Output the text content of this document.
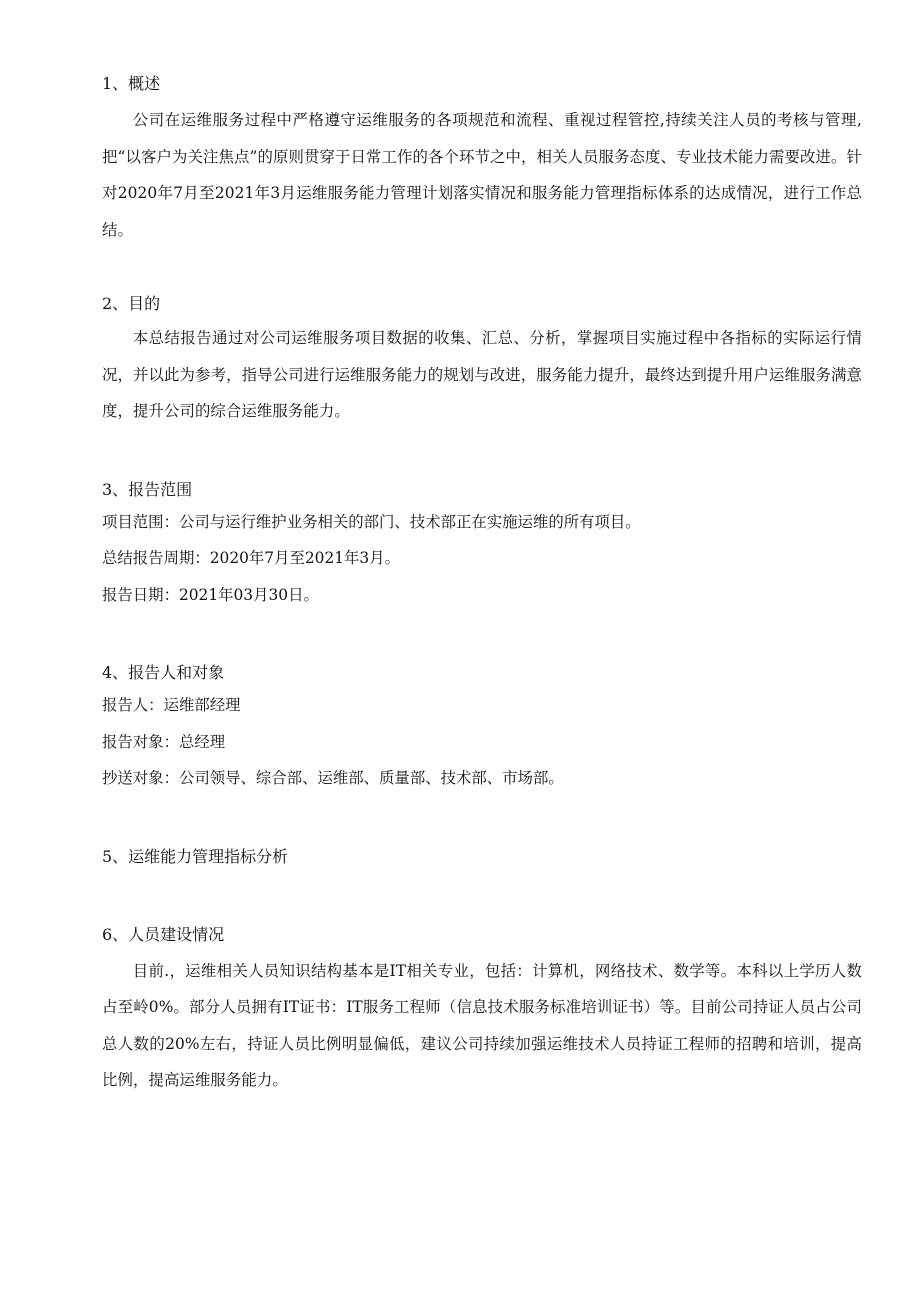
1、概述

公司在运维服务过程中严格遵守运维服务的各项规范和流程、重视过程管控,持续关注人员的考核与管理,把“以客户为关注焦点”的原则贯穿于日常工作的各个环节之中，相关人员服务态度、专业技术能力需要改进。针对2020年7月至2021年3月运维服务能力管理计划落实情况和服务能力管理指标体系的达成情况，进行工作总结。

2、目的

本总结报告通过对公司运维服务项目数据的收集、汇总、分析，掌握项目实施过程中各指标的实际运行情况，并以此为参考，指导公司进行运维服务能力的规划与改进，服务能力提升，最终达到提升用户运维服务满意度，提升公司的综合运维服务能力。

3、报告范围

项目范围：公司与运行维护业务相关的部门、技术部正在实施运维的所有项目。

总结报告周期：2020年7月至2021年3月。

报告日期：2021年03月30日。

4、报告人和对象

报告人：运维部经理

报告对象：总经理

抄送对象：公司领导、综合部、运维部、质量部、技术部、市场部。

5、运维能力管理指标分析
6、人员建设情况

目前.，运维相关人员知识结构基本是IT相关专业，包括：计算机，网络技术、数学等。本科以上学历人数占至岭0%。部分人员拥有IT证书：IT服务工程师（信息技术服务标准培训证书）等。目前公司持证人员占公司总人数的20%左右，持证人员比例明显偏低，建议公司持续加强运维技术人员持证工程师的招聘和培训，提高比例，提高运维服务能力。
